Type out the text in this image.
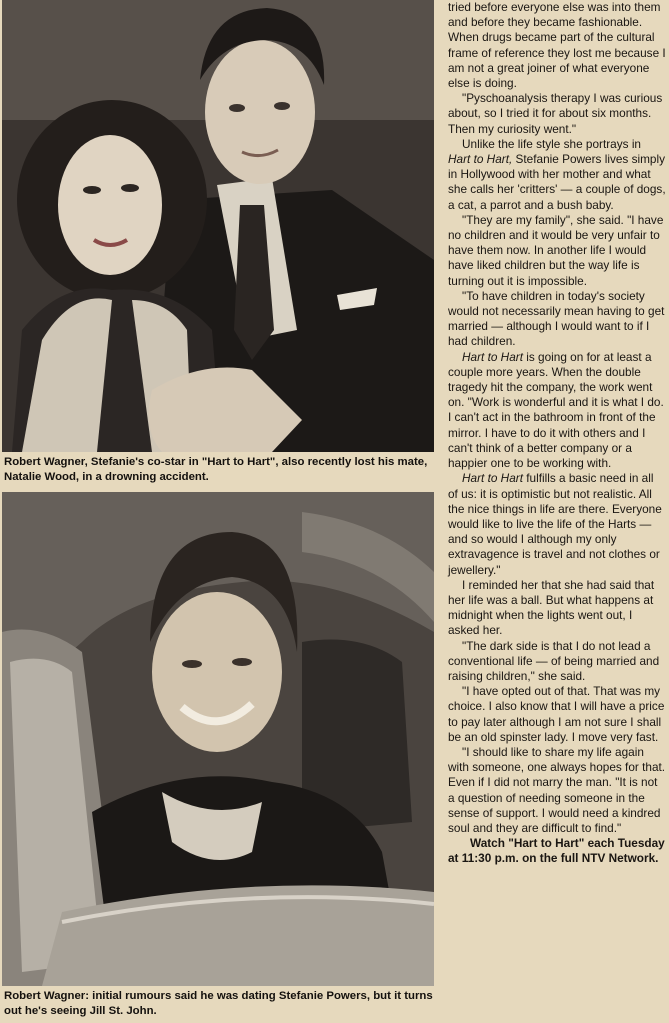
Robert Wagner, Stefanie's co-star in "Hart to Hart", also recently lost his mate, Natalie Wood, in a drowning accident.
Robert Wagner: initial rumours said he was dating Stefanie Powers, but it turns out he's seeing Jill St. John.

tried before everyone else was into them and before they became fashionable. When drugs became part of the cultural frame of reference they lost me because I am not a great joiner of what everyone else is doing.

"Pyschoanalysis therapy I was curious about, so I tried it for about six months. Then my curiosity went."

Unlike the life style she portrays in Hart to Hart, Stefanie Powers lives simply in Hollywood with her mother and what she calls her 'critters' — a couple of dogs, a cat, a parrot and a bush baby.

"They are my family", she said. "I have no children and it would be very unfair to have them now. In another life I would have liked children but the way life is turning out it is impossible.

"To have children in today's society would not necessarily mean having to get married — although I would want to if I had children.

Hart to Hart is going on for at least a couple more years. When the double tragedy hit the company, the work went on. "Work is wonderful and it is what I do. I can't act in the bathroom in front of the mirror. I have to do it with others and I can't think of a better company or a happier one to be working with.

Hart to Hart fulfills a basic need in all of us: it is optimistic but not realistic. All the nice things in life are there. Everyone would like to live the life of the Harts — and so would I although my only extravagence is travel and not clothes or jewellery."

I reminded her that she had said that her life was a ball. But what happens at midnight when the lights went out, I asked her.

"The dark side is that I do not lead a conventional life — of being married and raising children," she said.

"I have opted out of that. That was my choice. I also know that I will have a price to pay later although I am not sure I shall be an old spinster lady. I move very fast.

"I should like to share my life again with someone, one always hopes for that. Even if I did not marry the man. "It is not a question of needing someone in the sense of support. I would need a kindred soul and they are difficult to find."

Watch "Hart to Hart" each Tuesday at 11:30 p.m. on the full NTV Network.
